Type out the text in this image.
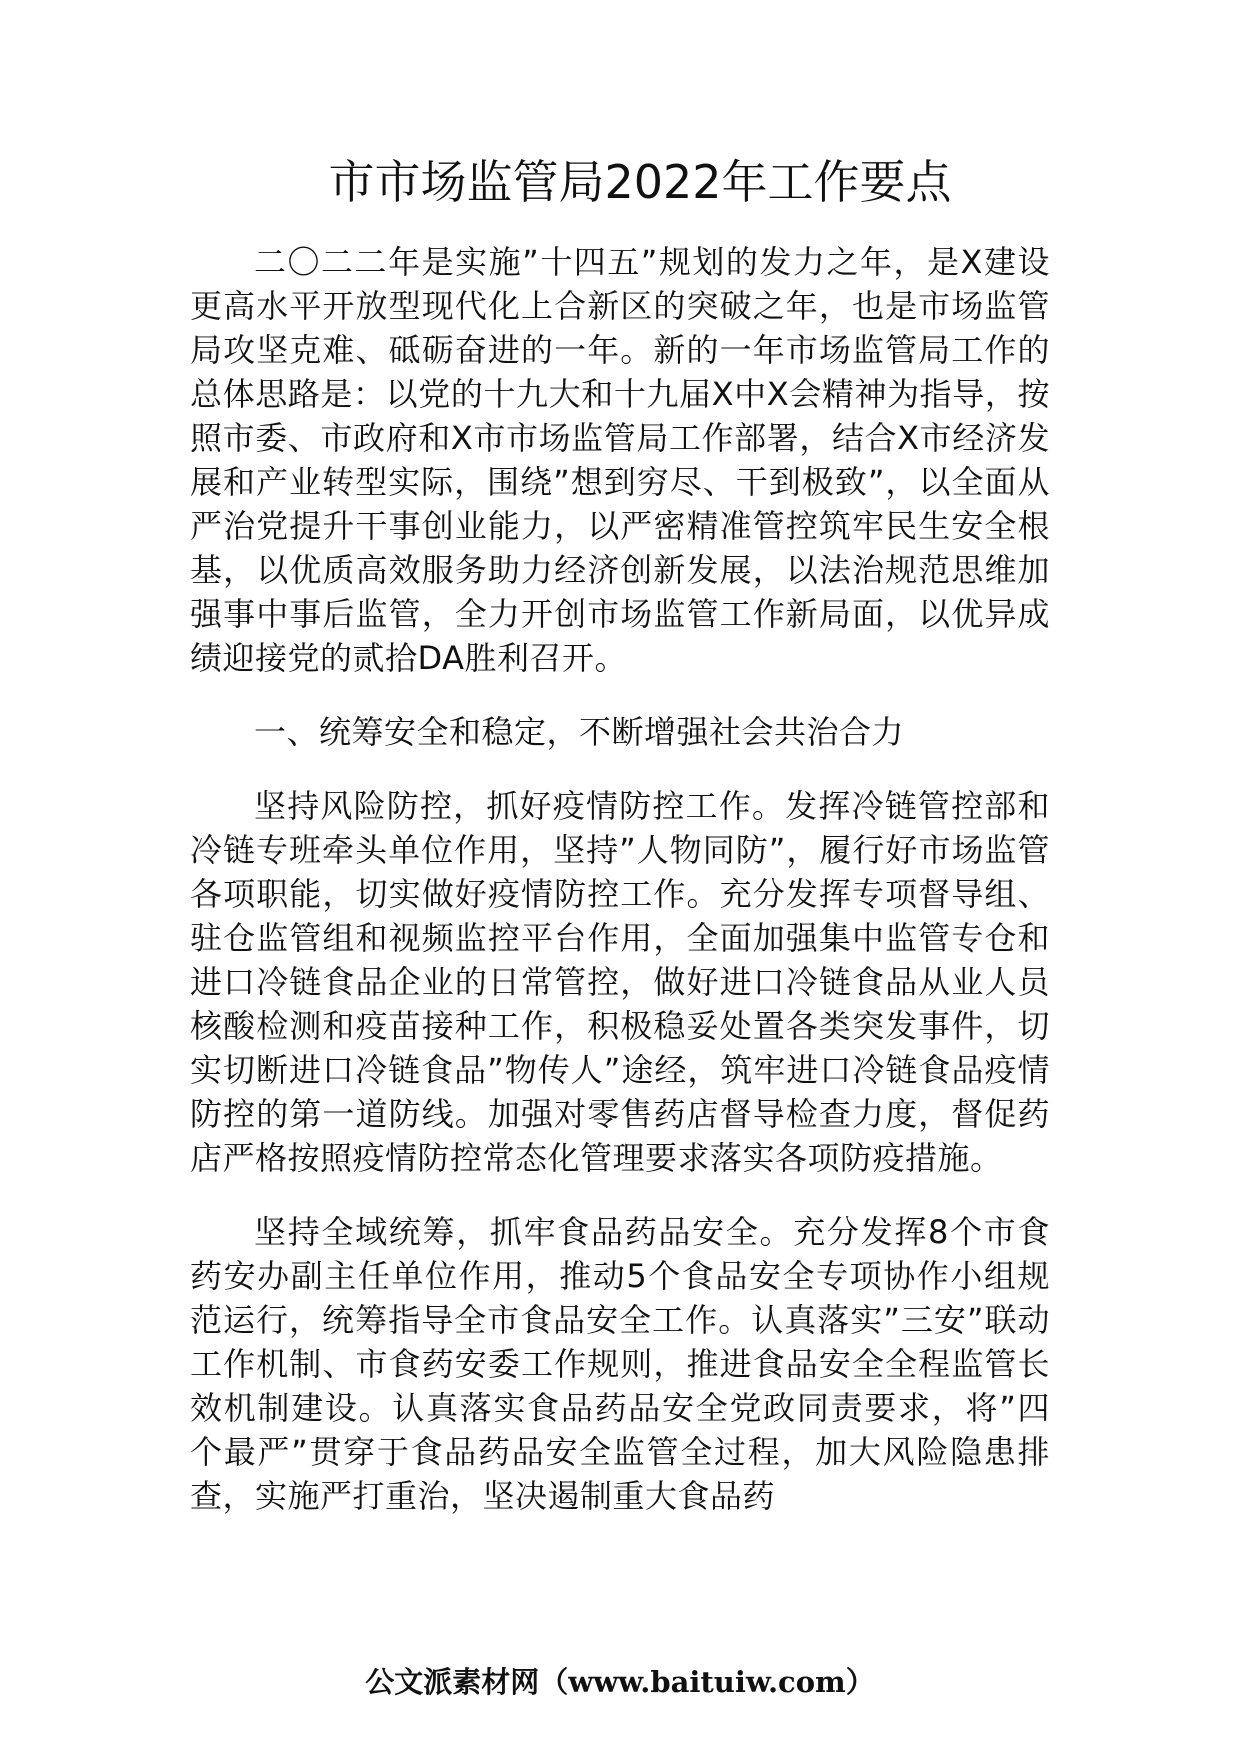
市市场监管局2022年工作要点

二〇二二年是实施”十四五”规划的发力之年，是X建设更高水平开放型现代化上合新区的突破之年，也是市场监管局攻坚克难、砥砺奋进的一年。新的一年市场监管局工作的总体思路是：以党的十九大和十九届X中X会精神为指导，按照市委、市政府和X市市场监管局工作部署，结合X市经济发展和产业转型实际，围绕”想到穷尽、干到极致”，以全面从严治党提升干事创业能力，以严密精准管控筑牢民生安全根基，以优质高效服务助力经济创新发展，以法治规范思维加强事中事后监管，全力开创市场监管工作新局面，以优异成绩迎接党的贰拾DA胜利召开。

一、统筹安全和稳定，不断增强社会共治合力

坚持风险防控，抓好疫情防控工作。发挥冷链管控部和冷链专班牵头单位作用，坚持”人物同防”，履行好市场监管各项职能，切实做好疫情防控工作。充分发挥专项督导组、驻仓监管组和视频监控平台作用，全面加强集中监管专仓和进口冷链食品企业的日常管控，做好进口冷链食品从业人员核酸检测和疫苗接种工作，积极稳妥处置各类突发事件，切实切断进口冷链食品”物传人”途经，筑牢进口冷链食品疫情防控的第一道防线。加强对零售药店督导检查力度，督促药店严格按照疫情防控常态化管理要求落实各项防疫措施。

坚持全域统筹，抓牢食品药品安全。充分发挥8个市食药安办副主任单位作用，推动5个食品安全专项协作小组规范运行，统筹指导全市食品安全工作。认真落实”三安”联动工作机制、市食药安委工作规则，推进食品安全全程监管长效机制建设。认真落实食品药品安全党政同责要求，将”四个最严”贯穿于食品药品安全监管全过程，加大风险隐患排查，实施严打重治，坚决遏制重大食品药

公文派素材网（www.baituiw.com）
